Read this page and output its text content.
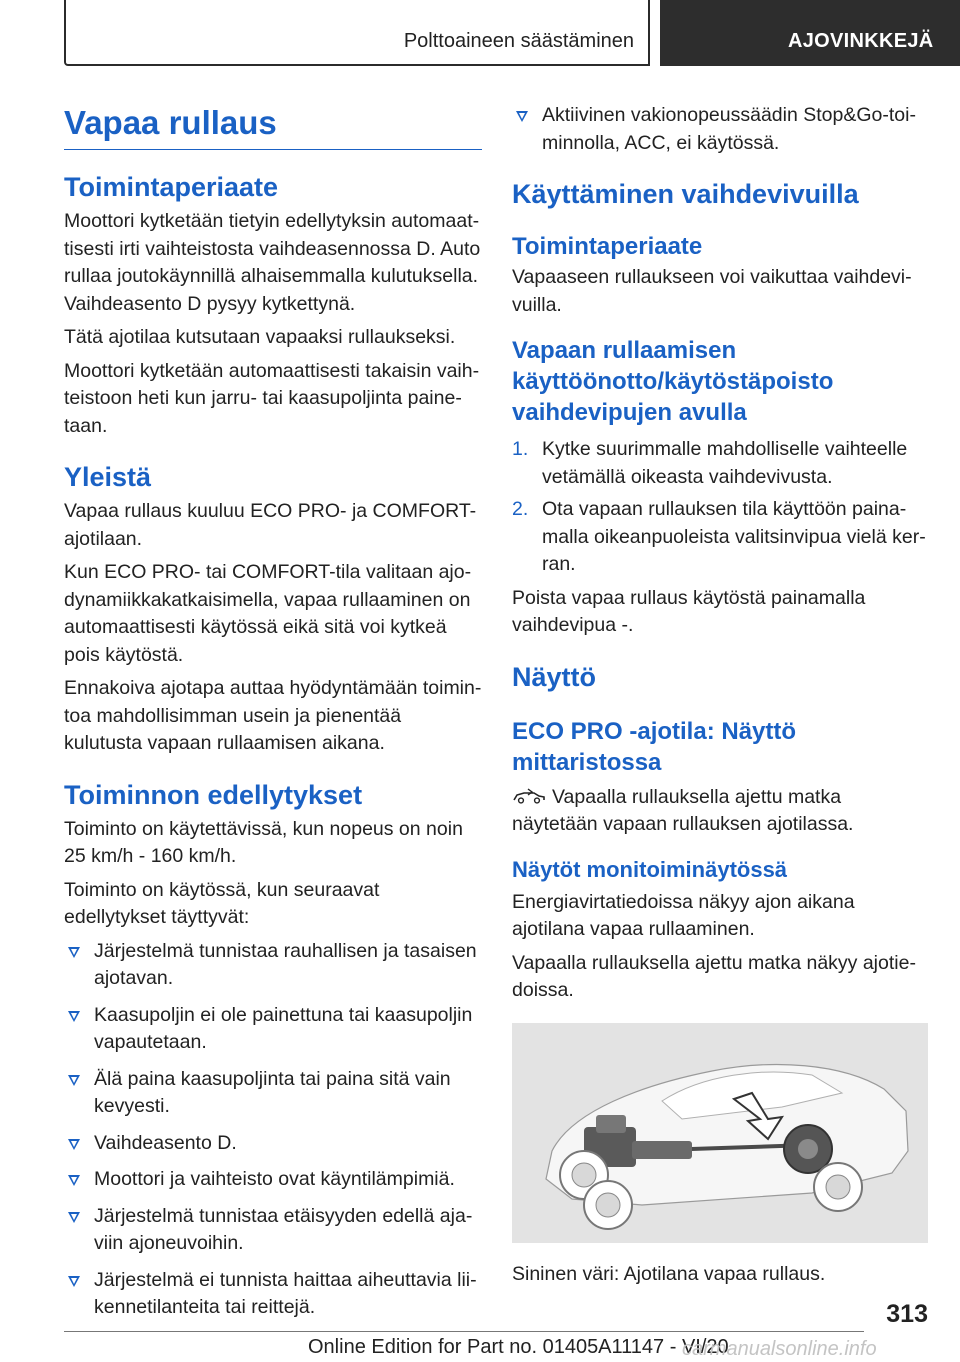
Polttoaineen säästäminen	AJOVINKKEJÄ
Vapaa rullaus
Toimintaperiaate

Moottori kytketään tietyin edellytyksin automaattisesti irti vaihteistosta vaihdeasennossa D. Auto rullaa joutokäynnillä alhaisemmalla kulutuksella. Vaihdeasento D pysyy kytkettynä.

Tätä ajotilaa kutsutaan vapaaksi rullaukseksi.

Moottori kytketään automaattisesti takaisin vaihteistoon heti kun jarru- tai kaasupoljinta painetaan.

Yleistä

Vapaa rullaus kuuluu ECO PRO- ja COMFORT-ajotilaan.

Kun ECO PRO- tai COMFORT-tila valitaan ajodynamiikkakatkaisimella, vapaa rullaaminen on automaattisesti käytössä eikä sitä voi kytkeä pois käytöstä.

Ennakoiva ajotapa auttaa hyödyntämään toimintoa mahdollisimman usein ja pienentää kulutusta vapaan rullaamisen aikana.

Toiminnon edellytykset

Toiminto on käytettävissä, kun nopeus on noin 25 km/h - 160 km/h.

Toiminto on käytössä, kun seuraavat edellytykset täyttyvät:

Järjestelmä tunnistaa rauhallisen ja tasaisen ajotavan.
Kaasupoljin ei ole painettuna tai kaasupoljin vapautetaan.
Älä paina kaasupoljinta tai paina sitä vain kevyesti.
Vaihdeasento D.
Moottori ja vaihteisto ovat käyntilämpimiä.
Järjestelmä tunnistaa etäisyyden edellä ajaviin ajoneuvoihin.
Järjestelmä ei tunnista haittaa aiheuttavia liikennetilanteita tai reittejä.
Aktiivinen vakionopeussäädin Stop&Go-toiminnolla, ACC, ei käytössä.
Käyttäminen vaihdevivuilla
Toimintaperiaate

Vapaaseen rullaukseen voi vaikuttaa vaihdevivuilla.

Vapaan rullaamisen käyttöönotto/käytöstäpoisto vaihdevipujen avulla
1. Kytke suurimmalle mahdolliselle vaihteelle vetämällä oikeasta vaihdevivusta.
2. Ota vapaan rullauksen tila käyttöön painamalla oikeanpuoleista valitsinvipua vielä kerran.

Poista vapaa rullaus käytöstä painamalla vaihdevipua -.

Näyttö
ECO PRO -ajotila: Näyttö mittaristossa
Vapaalla rullauksella ajettu matka näytetään vapaan rullauksen ajotilassa.
Näytöt monitoiminäytössä

Energiavirtatiedoissa näkyy ajon aikana ajotilana vapaa rullaaminen.

Vapaalla rullauksella ajettu matka näkyy ajotiedoissa.

Sininen väri: Ajotilana vapaa rullaus.

313
Online Edition for Part no. 01405A11147 - VI/20
carmanualsonline.info
